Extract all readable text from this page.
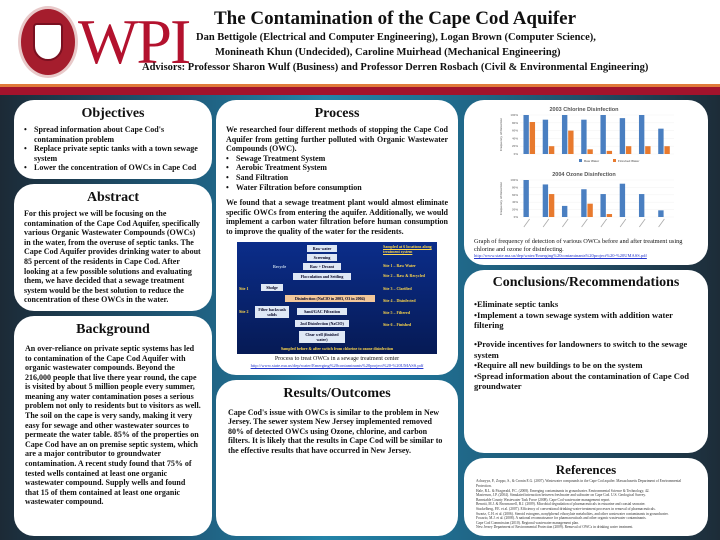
WPI	The Contamination of the Cape Cod Aquifer
Dan Bettigole (Electrical and Computer Engineering), Logan Brown (Computer Science),
Monineath Khun (Undecided), Caroline Muirhead (Mechanical Engineering)
Advisors: Professor Sharon Wulf (Business) and Professor Derren Rosbach (Civil & Environmental Engineering)
Objectives
• Spread information about Cape Cod's contamination problem
• Replace private septic tanks with a town sewage system
• Lower the concentration of OWCs in Cape Cod
Abstract
For this project we will be focusing on the contamination of the Cape Cod Aquifer, specifically various Organic Wastewater Compounds (OWCs) in the water, from the overuse of septic tanks. The Cape Cod Aquifer provides drinking water to about 85 percent of the residents in Cape Cod. After looking at a few possible solutions and evaluating them, we have decided that a sewage treatment system would be the best solution to reduce the concentration of these OWCs in the water.
Background
An over-reliance on private septic systems has led to contamination of the Cape Cod Aquifer with organic wastewater compounds. Beyond the 216,000 people that live there year round, the cape is visited by about 5 million people every summer, meaning any water contamination poses a serious problem not only to residents but to visitors as well. The soil on the cape is very sandy, making it very easy for sewage and other wastewater sources to permeate the water table. 85% of the properties on Cape Cod have an on premise septic system, which are a major contributor to groundwater contamination. A recent study found that 75% of tested wells contained at least one organic wastewater compound. Supply wells and found that 15 of them contained at least one organic wastewater compound.
Process
We researched four different methods of stopping the Cape Cod Aquifer from getting further polluted with Organic Wastewater Compounds (OWC).
• Sewage Treatment System
• Aerobic Treatment System
• Sand Filtration
• Water Filtration before consumption
We found that a sewage treatment plant would almost eliminate specific OWCs from entering the aquifer. Additionally, we would implement a carbon water filtration before human consumption to improve the quality of the water for the residents.
Raw water
Screening
Raw + Decant
Flocculation and Settling
Sludge
Disinfection (NaClO in 2003, O3 in 2004)
Filter backwash solids
Sand/GAC Filtration
2nd Disinfection (NaClO)
Clear well (finished water)
Sampled at 6 locations along treatment system
Site 1 – Raw Water
Site 2 – Raw & Recycled
Site 3 – Clarified
Site 4 – Disinfected
Site 5 – Filtered
Site 6 – Finished
Site 1
Site 2
Recycle
Sampled before & after switch from chlorine to ozone disinfection
Process to treat OWCs in a sewage treatment center
http://www.state.ma.us/dep/water/Emerging%20contaminants%20project%20-%20UMASS.pdf
Results/Outcomes
Cape Cod's issue with OWCs is similar to the problem in New Jersey. The sewer system New Jersey implemented removed 80% of detected OWCs using Ozone, chlorine, and carbon filters. It is likely that the results in Cape Cod will be similar to the effective results that have occurred in New Jersey.
2003 Chlorine Disinfection
Frequency of Detection
0%
20%
40%
60%
80%
100%
Raw Water	Finished Water

2004 Ozone Disinfection
Frequency of Detection
0%
20%
40%
60%
80%
100%
Graph of frequency of detection of various OWCs before and after treatment using chlorine and ozone for disinfecting.
http://www.state.ma.us/dep/water/Emerging%20contaminants%20project%20-%20UMASS.pdf
Conclusions/Recommendations
•Eliminate septic tanks
•Implement a town sewage system with addition water filtering
•Provide incentives for landowners to switch to the sewage system
•Require all new buildings to be on the system
•Spread information about the contamination of Cape Cod groundwater
References
Acharyya, P., Zoppo, S., & Cronin E.G. (2007). Wastewater compounds in the Cape Cod aquifer. Massachusetts Department of Environmental Protection.
Hale, R.L. & Fitzgerald, P.C. (2008). Emerging contaminants in groundwater. Environmental Science & Technology, 42.
Masterson, J.P. (2004). Simulated interaction between freshwater and saltwater on Cape Cod. U.S. Geological Survey.
Barnstable County Wastewater Task Force (2008). Cape Cod wastewater management report.
Benotti, M.J. & Brownawell, B.J. (2009). Microbial degradation of pharmaceuticals in estuarine and coastal seawater.
Stackelberg, P.E. et al. (2007). Efficiency of conventional drinking-water-treatment processes in removal of pharmaceuticals.
Swartz, C.H. et al. (2006). Steroid estrogens, nonylphenol ethoxylate metabolites, and other wastewater contaminants in groundwater.
Focazio, M.J. et al. (2008). A national reconnaissance for pharmaceuticals and other organic wastewater contaminants.
Cape Cod Commission (2010). Regional wastewater management plan.
New Jersey Department of Environmental Protection (2009). Removal of OWCs in drinking water treatment.
